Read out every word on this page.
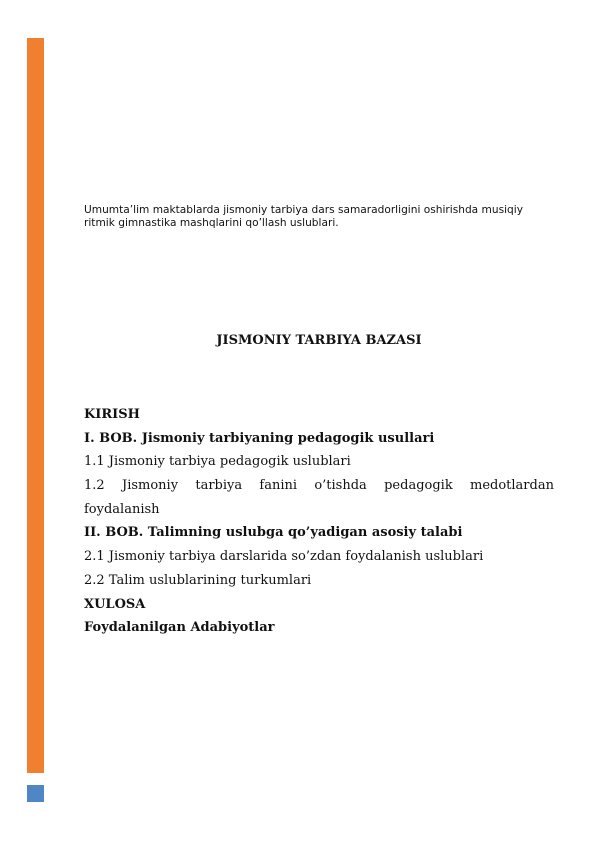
Umumta’lim maktablarda jismoniy tarbiya dars samaradorligini oshirishda musiqiy
ritmik gimnastika mashqlarini qo’llash uslublari.
JISMONIY TARBIYA BAZASI
KIRISH
I. BOB. Jismoniy tarbiyaning pedagogik usullari
1.1 Jismoniy tarbiya pedagogik uslublari
1.2 Jismoniy tarbiya fanini o’tishda pedagogik medotlardan
foydalanish
II. BOB. Talimning uslubga qo’yadigan asosiy talabi
2.1 Jismoniy tarbiya darslarida so’zdan foydalanish uslublari
2.2 Talim uslublarining turkumlari
XULOSA
Foydalanilgan Adabiyotlar
